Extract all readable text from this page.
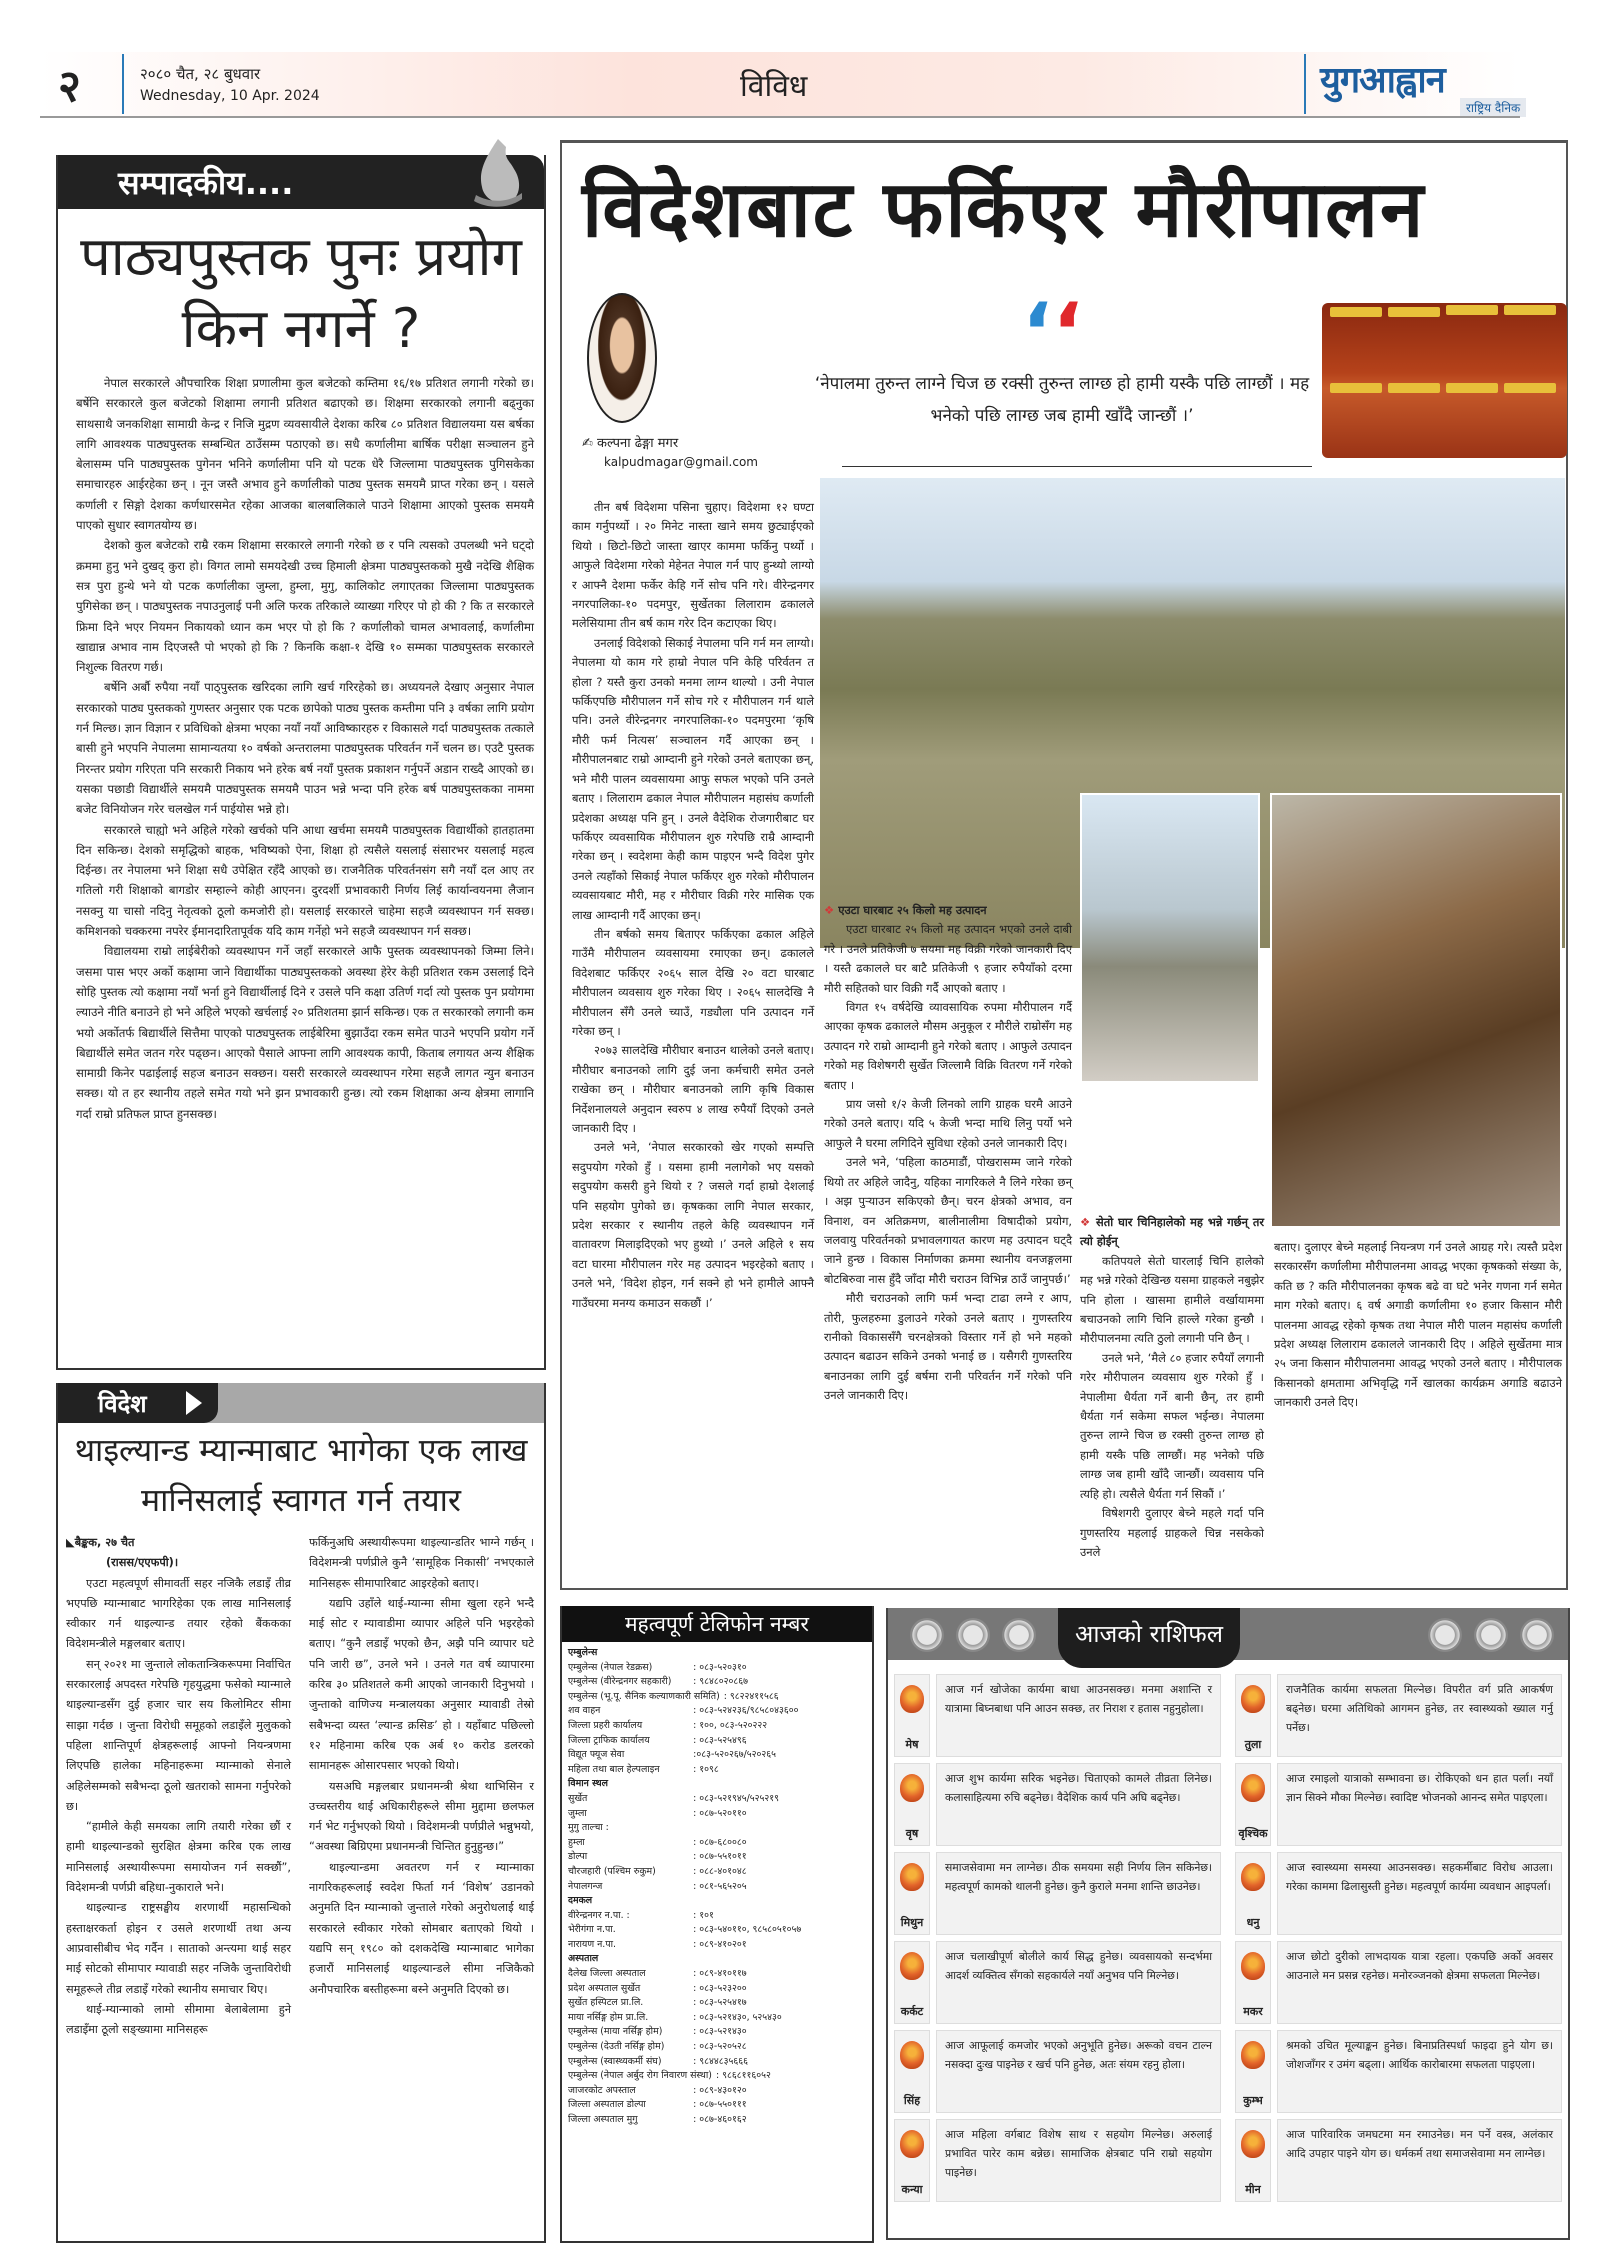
२	२०८० चैत, २८ बुधवार
Wednesday, 10 Apr. 2024	विविध	युगआह्वान
राष्ट्रिय दैनिक
सम्पादकीय....
पाठ्यपुस्तक पुनः प्रयोग किन नगर्ने ?

नेपाल सरकारले औपचारिक शिक्षा प्रणालीमा कुल बजेटको कम्तिमा १६/१७ प्रतिशत लगानी गरेको छ। बर्षेनि सरकारले कुल बजेटको शिक्षामा लगानी प्रतिशत बढाएको छ। शिक्षमा सरकारको लगानी बढ्नुका साथसाथै जनकशिक्षा सामाग्री केन्द्र र निजि मुद्रण व्यवसायीले देशका करिब ८० प्रतिशत विद्यालयमा यस बर्षका लागि आवश्यक पाठ्यपुस्तक सम्बन्धित ठाउँसम्म पठाएको छ। सधै कर्णालीमा बार्षिक परीक्षा सञ्चालन हुने बेलासम्म पनि पाठ्यपुस्तक पुगेनन भनिने कर्णालीमा पनि यो पटक धेरै जिल्लामा पाठ्यपुस्तक पुगिसकेका समाचारहरु आईरहेका छन् । नून जस्तै अभाव हुने कर्णालीको पाठ्य पुस्तक समयमै प्राप्त गरेका छन् । यसले कर्णाली र सिङ्गो देशका कर्णधारसमेत रहेका आजका बालबालिकाले पाउने शिक्षामा आएको पुस्तक समयमै पाएको सुधार स्वागतयोग्य छ।

देशको कुल बजेटको राम्रै रकम शिक्षामा सरकारले लगानी गरेको छ र पनि त्यसको उपलब्धी भने घट्दो क्रममा हुनु भने दुखद् कुरा हो। विगत लामो समयदेखी उच्च हिमाली क्षेत्रमा पाठ्यपुस्तकको मुखै नदेखि शैक्षिक सत्र पुरा हुन्थे भने यो पटक कर्णालीका जुम्ला, हुम्ला, मुगु, कालिकोट लगाएतका जिल्लामा पाठ्यपुस्तक पुगिसेका छन् । पाठ्यपुस्तक नपाउनुलाई पनी अलि फरक तरिकाले व्याख्या गरिएर पो हो की ? कि त सरकारले फ्रिमा दिने भएर नियमन निकायको ध्यान कम भएर पो हो कि ? कर्णालीको चामल अभावलाई, कर्णालीमा खाद्यान्न अभाव नाम दिएजस्तै पो भएको हो कि ? किनकि कक्षा-१ देखि १० सम्मका पाठ्यपुस्तक सरकारले निशुल्क वितरण गर्छ।

बर्षेनि अर्बौ रुपैया नयाँ पाठ्पुस्तक खरिदका लागि खर्च गरिरहेको छ। अध्ययनले देखाए अनुसार नेपाल सरकारको पाठ्य पुस्तकको गुणस्तर अनुसार एक पटक छापेको पाठ्य पुस्तक कम्तीमा पनि ३ वर्षका लागि प्रयोग गर्न मिल्छ। ज्ञान विज्ञान र प्रविधिको क्षेत्रमा भएका नयाँ नयाँ आविष्कारहरु र विकासले गर्दा पाठ्यपुस्तक तत्काले बासी हुने भएपनि नेपालमा सामान्यतया १० वर्षको अन्तरालमा पाठ्यपुस्तक परिवर्तन गर्ने चलन छ। एउटै पुस्तक निरन्तर प्रयोग गरिएता पनि सरकारी निकाय भने हरेक बर्ष नयाँ पुस्तक प्रकाशन गर्नुपर्ने अडान राख्दै आएको छ। यसका पछाडी विद्यार्थीले समयमै पाठ्यपुस्तक समयमै पाउन भन्ने भन्दा पनि हरेक बर्ष पाठ्यपुस्तकका नाममा बजेट विनियोजन गरेर चलखेल गर्न पाईयोस भन्ने हो।

सरकारले चाह्यो भने अहिले गरेको खर्चको पनि आधा खर्चमा समयमै पाठ्यपुस्तक विद्यार्थीको हातहातमा दिन सकिन्छ। देशको समृद्धिको बाहक, भविष्यको ऐना, शिक्षा हो त्यसैले यसलाई संसारभर यसलाई महत्व दिईन्छ। तर नेपालमा भने शिक्षा सधै उपेक्षित रहँदै आएको छ। राजनैतिक परिवर्तनसंग सगै नयाँ दल आए तर गतिलो गरी शिक्षाको बागडोर सम्हाल्ने कोही आएनन। दुरदर्शी प्रभावकारी निर्णय लिई कार्यान्वयनमा लैजान नसक्नु या चासो नदिनु नेतृत्वको ठूलो कमजोरी हो। यसलाई सरकारले चाहेमा सहजै व्यवस्थापन गर्न सक्छ। कमिशनको चक्करमा नपरेर ईमानदारितापूर्वक यदि काम गर्नेहो भने सहजै व्यवस्थापन गर्न सक्छ।

विद्यालयमा राम्रो लाईबेरीको व्यवस्थापन गर्ने जहाँ सरकारले आफै पुस्तक व्यवस्थापनको जिम्मा लिने। जसमा पास भएर अर्को कक्षामा जाने विद्यार्थीका पाठ्यपुस्तकको अवस्था हेरेर केही प्रतिशत रकम उसलाई दिने सोहि पुस्तक त्यो कक्षामा नयाँ भर्ना हुने विद्यार्थीलाई दिने र उसले पनि कक्षा उतिर्ण गर्दा त्यो पुस्तक पुन प्रयोगमा ल्याउने नीति बनाउने हो भने अहिले भएको खर्चलाई २० प्रतिशतमा झार्न सकिन्छ। एक त सरकारको लगानी कम भयो अर्कोतर्फ बिद्यार्थीले सित्तैमा पाएको पाठ्यपुस्तक लाईबेरिमा बुझाउँदा रकम समेत पाउने भएपनि प्रयोग गर्ने बिद्यार्थीले समेत जतन गरेर पढ्छन। आएको पैसाले आफ्ना लागि आवश्यक कापी, किताब लगायत अन्य शैक्षिक सामाग्री किनेर पढाईलाई सहज बनाउन सक्छन। यसरी सरकारले व्यवस्थापन गरेमा सहजै लागत न्युन बनाउन सक्छ। यो त हर स्थानीय तहले समेत गयो भने झन प्रभावकारी हुन्छ। त्यो रकम शिक्षाका अन्य क्षेत्रमा लागानि गर्दा राम्रो प्रतिफल प्राप्त हुनसक्छ।

विदेशबाट फर्किएर मौरीपालन
✍ कल्पना ढेङ्गा मगर
kalpudmagar@gmail.com
‘‘
‘नेपालमा तुरुन्त लाग्ने चिज छ रक्सी तुरुन्त लाग्छ हो हामी यस्कै पछि लाग्छौं । मह भनेको पछि लाग्छ जब हामी खाँदै जान्छौं ।’

तीन बर्ष विदेशमा पसिना चुहाए। विदेशमा १२ घण्टा काम गर्नुपर्थ्यो । २० मिनेट नास्ता खाने समय छुट्याईएको थियो । छिटो-छिटो जास्ता खाएर काममा फर्किनु पर्थ्यो । आफुले विदेशमा गरेको मेहेनत नेपाल गर्न पाए हुन्थ्यो लाग्यो र आफ्नै देशमा फर्केर केहि गर्ने सोच पनि गरे। वीरेन्द्रनगर नगरपालिका-१० पदमपुर, सुर्खेतका लिलाराम ढकालले मलेसियामा तीन बर्ष काम गरेर दिन कटाएका थिए।

उनलाई विदेशको सिकाई नेपालमा पनि गर्न मन लाग्यो। नेपालमा यो काम गरे हाम्रो नेपाल पनि केहि परिर्वतन त होला ? यस्तै कुरा उनको मनमा लाग्न थाल्यो । उनी नेपाल फर्किएपछि मौरीपालन गर्ने सोच गरे र मौरीपालन गर्न थाले पनि। उनले वीरेन्द्रनगर नगरपालिका-१० पदमपुरमा ‘कृषि मौरी फर्म नित्यस’ सञ्चालन गर्दै आएका छन् । मौरीपालनबाट राम्रो आम्दानी हुने गरेको उनले बताएका छन्, भने मौरी पालन व्यवसायमा आफु सफल भएको पनि उनले बताए । लिलाराम ढकाल नेपाल मौरीपालन महासंघ कर्णाली प्रदेशका अध्यक्ष पनि हुन् । उनले वैदेशिक रोजगारीबाट घर फर्किएर व्यवसायिक मौरीपालन शुरु गरेपछि राम्रै आम्दानी गरेका छन् । स्वदेशमा केही काम पाइएन भन्दै विदेश पुगेर उनले त्यहाँको सिकाई नेपाल फर्किएर शुरु गरेको मौरीपालन व्यवसायबाट मौरी, मह र मौरीघार विक्री गरेर मासिक एक लाख आम्दानी गर्दै आएका छन्।

तीन बर्षको समय बिताएर फर्किएका ढकाल अहिले गाउँमै मौरीपालन व्यवसायमा रमाएका छन्। ढकालले विदेशबाट फर्किएर २०६५ साल देखि २० वटा घारबाट मौरीपालन व्यवसाय शुरु गरेका थिए । २०६५ सालदेखि नै मौरीपालन सँगै उनले च्याउँ, गड्यौला पनि उत्पादन गर्ने गरेका छन् ।

२०७३ सालदेखि मौरीघार बनाउन थालेको उनले बताए। मौरीघार बनाउनको लागि दुई जना कर्मचारी समेत उनले राखेका छन् । मौरीघार बनाउनको लागि कृषि विकास निर्देशनालयले अनुदान स्वरुप ४ लाख रुपैयाँ दिएको उनले जानकारी दिए ।

उनले भने, ‘नेपाल सरकारको खेर गएको सम्पत्ति सदुपयोग गरेको हुँ । यसमा हामी नलागेको भए यसको सदुपयोग कसरी हुने थियो र ? जसले गर्दा हाम्रो देशलाई पनि सहयोग पुगेको छ। कृषकका लागि नेपाल सरकार, प्रदेश सरकार र स्थानीय तहले केहि व्यवस्थापन गर्ने वातावरण मिलाइदिएको भए हुथ्यो ।’ उनले अहिले १ सय वटा घारमा मौरीपालन गरेर मह उत्पादन भइरहेको बताए । उनले भने, ‘विदेश होइन, गर्न सक्ने हो भने हामीले आफ्नै गाउँघरमा मनग्य कमाउन सकछौं ।’

❖ एउटा घारबाट २५ किलो मह उत्पादन

एउटा घारबाट २५ किलो मह उत्पादन भएको उनले दाबी गरे । उनले प्रतिकेजी ७ सयमा मह विक्री गरेको जानकारी दिए । यस्तै ढकालले घर बाटै प्रतिकेजी ९ हजार रुपैयाँको दरमा मौरी सहितको घार विक्री गर्दै आएको बताए ।

विगत १५ वर्षदेखि व्यावसायिक रुपमा मौरीपालन गर्दै आएका कृषक ढकालले मौसम अनुकूल र मौरीले राम्रोसँग मह उत्पादन गरे राम्रो आम्दानी हुने गरेको बताए । आफुले उत्पादन गरेको मह विशेषगरी सुर्खेत जिल्लामै विक्रि वितरण गर्ने गरेको बताए ।

प्राय जसो १/२ केजी लिनको लागि ग्राहक घरमै आउने गरेको उनले बताए। यदि ५ केजी भन्दा माथि लिनु पर्यो भने आफुले नै घरमा लगिदिने सुविधा रहेको उनले जानकारी दिए।

उनले भने, ‘पहिला काठमाडौं, पोखरासम्म जाने गरेको थियो तर अहिले जादैनु, यहिका नागरिकले नै लिने गरेका छन् । अझ पुर्‍याउन सकिएको छैन्। चरन क्षेत्रको अभाव, वन विनाश, वन अतिक्रमण, बालीनालीमा विषादीको प्रयोग, जलवायु परिवर्तनको प्रभावलगायत कारण मह उत्पादन घट्दै जाने हुन्छ । विकास निर्माणका क्रममा स्थानीय वनजङ्गलमा बोटबिरुवा नास हुँदै जाँदा मौरी चराउन विभिन्न ठाउँ जानुपर्छ।’

मौरी चराउनको लागि फर्म भन्दा टाढा लग्ने र आप, तोरी, फुलहरुमा डुलाउने गरेको उनले बताए । गुणस्तरिय रानीको विकाससँगै चरनक्षेत्रको विस्तार गर्ने हो भने महको उत्पादन बढाउन सकिने उनको भनाई छ । यसैगरी गुणस्तरिय बनाउनका लागि दुई बर्षमा रानी परिवर्तन गर्ने गरेको पनि उनले जानकारी दिए।

❖ सेतो घार चिनिहालेको मह भन्ने गर्छन् तर त्यो होईन्

कतिपयले सेतो घारलाई चिनि हालेको मह भन्ने गरेको देखिन्छ यसमा ग्राहकले नबुझेर पनि होला । खासमा हामीले वर्खायाममा बचाउनको लागि चिनि हाल्ले गरेका हुन्छौ । मौरीपालनमा त्यति ठुलो लगानी पनि छैन् ।

उनले भने, ‘मैले ८० हजार रुपैयाँ लगानी गरेर मौरीपालन व्यवसाय शुरु गरेको हुँ । नेपालीमा धैर्यता गर्ने बानी छैन्, तर हामी धैर्यता गर्न सकेमा सफल भईन्छ। नेपालमा तुरुन्त लाग्ने चिज छ रक्सी तुरुन्त लाग्छ हो हामी यस्कै पछि लाग्छौं। मह भनेको पछि लाग्छ जब हामी खाँदै जान्छौं। व्यवसाय पनि त्यहि हो। त्यसैले धैर्यता गर्न सिकौं ।’

विषेशगरी दुलाएर बेच्ने महले गर्दा पनि गुणस्तरिय महलाई ग्राहकले चिन्न नसकेको उनले

बताए। दुलाएर बेच्ने महलाई नियन्त्रण गर्न उनले आग्रह गरे। त्यस्तै प्रदेश सरकारसँग कर्णालीमा मौरीपालनमा आवद्ध भएका कृषकको संख्या के, कति छ ? कति मौरीपालनका कृषक बढे वा घटे भनेर गणना गर्न समेत माग गरेको बताए। ६ वर्ष अगाडी कर्णालीमा १० हजार किसान मौरी पालनमा आवद्ध रहेको कृषक तथा नेपाल मौरी पालन महासंघ कर्णाली प्रदेश अध्यक्ष लिलाराम ढकालले जानकारी दिए । अहिले सुर्खेतमा मात्र २५ जना किसान मौरीपालनमा आवद्ध भएको उनले बताए । मौरीपालक किसानको क्षमतामा अभिवृद्धि गर्ने खालका कार्यक्रम अगाडि बढाउने जानकारी उनले दिए।

विदेश
थाइल्यान्ड म्यान्माबाट भागेका एक लाख मानिसलाई स्वागत गर्न तयार

◣बैङ्कक, २७ चैत

(रासस/एएफपी)।

एउटा महत्वपूर्ण सीमावर्ती सहर नजिकै लडाइँ तीव्र भएपछि म्यान्माबाट भागरिहेका एक लाख मानिसलाई स्वीकार गर्न थाइल्यान्ड तयार रहेको बैंककका विदेशमन्त्रीले मङ्गलबार बताए।

सन् २०२१ मा जुन्ताले लोकतान्त्रिकरूपमा निर्वाचित सरकारलाई अपदस्त गरेपछि गृहयुद्धमा फसेको म्यान्माले थाइल्यान्डसँग दुई हजार चार सय किलोमिटर सीमा साझा गर्दछ । जुन्ता विरोधी समूहको लडाइँले मुलुकको पहिला शान्तिपूर्ण क्षेत्रहरूलाई आफ्नो नियन्त्रणमा लिएपछि हालेका महिनाहरूमा म्यान्माको सेनाले अहिलेसम्मको सबैभन्दा ठूलो खतराको सामना गर्नुपरेको छ।

“हामीले केही समयका लागि तयारी गरेका छौं र हामी थाइल्यान्डको सुरक्षित क्षेत्रमा करिब एक लाख मानिसलाई अस्थायीरूपमा समायोजन गर्न सक्छौं”, विदेशमन्त्री पर्णप्री बहिधा-नुकाराले भने।

थाइल्यान्ड राष्ट्रसङ्घीय शरणार्थी महासन्धिको हस्ताक्षरकर्ता होइन र उसले शरणार्थी तथा अन्य आप्रवासीबीच भेद गर्दैन । साताको अन्त्यमा थाई सहर माई सोटको सीमापार म्यावाडी सहर नजिकै जुन्ताविरोधी समूहरूले तीव्र लडाइँ गरेको स्थानीय समाचार थिए।

थाई-म्यान्माको लामो सीमामा बेलाबेलामा हुने लडाइँमा ठूलो सङ्ख्यामा मानिसहरू

फर्किनुअघि अस्थायीरूपमा थाइल्यान्डतिर भाग्ने गर्छन् । विदेशमन्त्री पर्णप्रीले कुनै ‘सामूहिक निकासी’ नभएकाले मानिसहरू सीमापारिबाट आइरहेको बताए।

यद्यपि उहाँले थाई-म्यान्मा सीमा खुला रहने भन्दै माई सोट र म्यावाडीमा व्यापार अहिले पनि भइरहेको बताए। “कुनै लडाइँ भएको छैन, अझै पनि व्यापार घटे पनि जारी छ”, उनले भने । उनले गत वर्ष व्यापारमा करिब ३० प्रतिशतले कमी आएको जानकारी दिनुभयो । जुन्ताको वाणिज्य मन्त्रालयका अनुसार म्यावाडी तेस्रो सबैभन्दा व्यस्त ‘ल्यान्ड क्रसिङ’ हो । यहाँबाट पछिल्लो १२ महिनामा करिब एक अर्ब १० करोड डलरको सामानहरू ओसारपसार भएको थियो।

यसअघि मङ्गलबार प्रधानमन्त्री श्रेथा थाभिसिन र उच्चस्तरीय थाई अधिकारीहरूले सीमा मुद्दामा छलफल गर्न भेट गर्नुभएको थियो । विदेशमन्त्री पर्णप्रीले भन्नुभयो, “अवस्था बिग्रिएमा प्रधानमन्त्री चिन्तित हुनुहुन्छ।”

थाइल्यान्डमा अवतरण गर्न र म्यान्माका नागरिकहरूलाई स्वदेश फिर्ता गर्न ‘विशेष’ उडानको अनुमति दिन म्यान्माको जुन्ताले गरेको अनुरोधलाई थाई सरकारले स्वीकार गरेको सोमबार बताएको थियो । यद्यपि सन् १९८० को दशकदेखि म्यान्माबाट भागेका हजारौं मानिसलाई थाइल्यान्डले सीमा नजिकैको अनौपचारिक बस्तीहरूमा बस्ने अनुमति दिएको छ।

महत्वपूर्ण टेलिफोन नम्बर
एम्बुलेन्स
एम्बुलेन्स (नेपाल रेडक्रस)	: ०८३-५२०३१०
एम्बुलेन्स (वीरेन्द्रनगर सहकारी) : ९८४८०२०८६७
एम्बुलेन्स (भू.पू. सैनिक कल्याणकारी समिति) : ९८२२४११५८६
शव वाहन	: ०८३-५२४२३६/९८५८०४३६००
जिल्ला प्रहरी कार्यालय	: १००, ०८३-५२०२२२
जिल्ला ट्राफिक कार्यालय	: ०८३-५२५४९६
विद्यूत फ्यूज सेवा	:०८३-५२०२६७/५२०२६५
महिला तथा बाल हेल्पलाइन	: १०९८
विमान स्थल
सुर्खेत	: ०८३-५२१९४५/५२५२१९
जुम्ला	: ०८७-५२०११०
मुगु ताल्चा :
हुम्ला	: ०८७-६८००८०
डोल्पा	: ०८७-५५१०११
चौरजहारी (पश्चिम रुकुम)	: ०८८-४०१०४८
नेपालगन्ज	: ०८१-५६५२०५
दमकल
वीरेन्द्रनगर न.पा. :	: १०१
भेरीगंगा न.पा.	: ०८३-५४०११०, ९८५८०५१०५७
नारायण न.पा.	: ०८९-४१०२०१
अस्पताल
दैलेख जिल्ला अस्पताल	: ०८९-४१०११७
प्रदेश अस्पताल सुर्खेत	: ०८३-५२३२००
सुर्खेत हस्पिटल प्रा.लि.	: ०८३-५२५४१७
माया नर्सिङ्ग होम प्रा.लि.	: ०८३-५२१४३०, ५२५४३०
एम्बुलेन्स (माया नर्सिङ्ग होम)	: ०८३-५२१४३०
एम्बुलेन्स (देउती नर्सिङ्ग होम)	: ०८३-५२०५२८
एम्बुलेन्स (स्वास्थ्यकर्मी संघ)	: ९८४४८३५६६६
एम्बुलेन्स (नेपाल अर्बुद रोग निवारण संस्था) : ९८६८११६०५२
जाजरकोट अपस्ताल	: ०८९-४३०१२०
जिल्ला अस्पताल डोल्पा	: ०८७-५५०१११
जिल्ला अस्पताल मुगु	: ०८७-४६०१६२
आजको राशिफल
मेष
आज गर्न खोजेका कार्यमा बाधा आउनसक्छ। मनमा अशान्ति र यात्रामा बिघ्नबाधा पनि आउन सक्छ, तर निराश र हतास नहुनुहोला।
तुला
राजनैतिक कार्यमा सफलता मिल्नेछ। विपरीत वर्ग प्रति आकर्षण बढ्नेछ। घरमा अतिथिको आगमन हुनेछ, तर स्वास्थ्यको ख्याल गर्नु पर्नेछ।
वृष
आज शुभ कार्यमा सरिक भइनेछ। चिताएको कामले तीव्रता लिनेछ। कलासाहित्यमा रुचि बढ्नेछ। वैदेशिक कार्य पनि अघि बढ्नेछ।
वृश्चिक
आज रमाइलो यात्राको सम्भावना छ। रोकिएको धन हात पर्ला। नयाँ ज्ञान सिक्ने मौका मिल्नेछ। स्वादिष्ट भोजनको आनन्द समेत पाइएला।
मिथुन
समाजसेवामा मन लाग्नेछ। ठीक समयमा सही निर्णय लिन सकिनेछ। महत्वपूर्ण कामको थालनी हुनेछ। कुनै कुराले मनमा शान्ति छाउनेछ।
धनु
आज स्वास्थ्यमा समस्या आउनसक्छ। सहकर्मीबाट विरोध आउला। गरेका काममा ढिलासुस्ती हुनेछ। महत्वपूर्ण कार्यमा व्यवधान आइपर्ला।
कर्कट
आज चलाखीपूर्ण बोलीले कार्य सिद्ध हुनेछ। व्यवसायको सन्दर्भमा आदर्श व्यक्तित्व सँगको सहकार्यले नयाँ अनुभव पनि मिल्नेछ।
मकर
आज छोटो दुरीको लाभदायक यात्रा रहला। एकपछि अर्को अवसर आउनाले मन प्रसन्न रहनेछ। मनोरञ्जनको क्षेत्रमा सफलता मिल्नेछ।
सिंह
आज आफूलाई कमजोर भएको अनुभूति हुनेछ। अरूको वचन टाल्न नसक्दा दुःख पाइनेछ र खर्च पनि हुनेछ, अतः संयम रहनु होला।
कुम्भ
श्रमको उचित मूल्याङ्कन हुनेछ। बिनाप्रतिस्पर्धा फाइदा हुने योग छ। जोशजाँगर र उमंग बढ्ला। आर्थिक कारोबारमा सफलता पाइएला।
कन्या
आज महिला वर्गबाट विशेष साथ र सहयोग मिल्नेछ। अरुलाई प्रभावित पारेर काम बन्नेछ। सामाजिक क्षेत्रबाट पनि राम्रो सहयोग पाइनेछ।
मीन
आज पारिवारिक जमघटमा मन रमाउनेछ। मन पर्ने वस्त्र, अलंकार आदि उपहार पाइने योग छ। धर्मकर्म तथा समाजसेवामा मन लाग्नेछ।
